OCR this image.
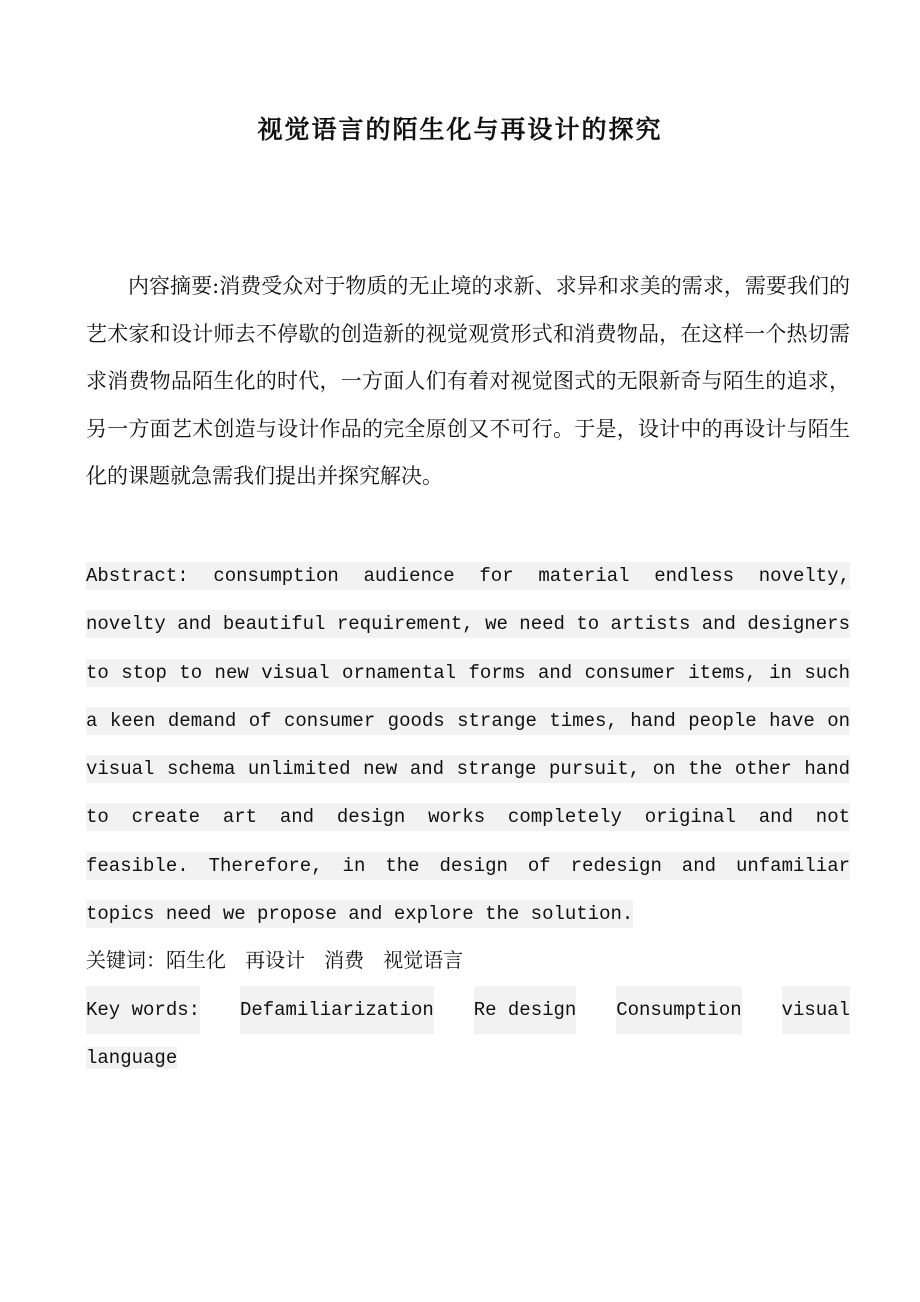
视觉语言的陌生化与再设计的探究

内容摘要:消费受众对于物质的无止境的求新、求异和求美的需求，需要我们的艺术家和设计师去不停歇的创造新的视觉观赏形式和消费物品，在这样一个热切需求消费物品陌生化的时代，一方面人们有着对视觉图式的无限新奇与陌生的追求，另一方面艺术创造与设计作品的完全原创又不可行。于是，设计中的再设计与陌生化的课题就急需我们提出并探究解决。

Abstract: consumption audience for material endless novelty, novelty and beautiful requirement, we need to artists and designers to stop to new visual ornamental forms and consumer items, in such a keen demand of consumer goods strange times, hand people have on visual schema unlimited new and strange pursuit, on the other hand to create art and design works completely original and not feasible. Therefore, in the design of redesign and unfamiliar topics need we propose and explore the solution.

关键词：陌生化 再设计 消费 视觉语言
Key words: Defamiliarization Re design Consumption visual
language
